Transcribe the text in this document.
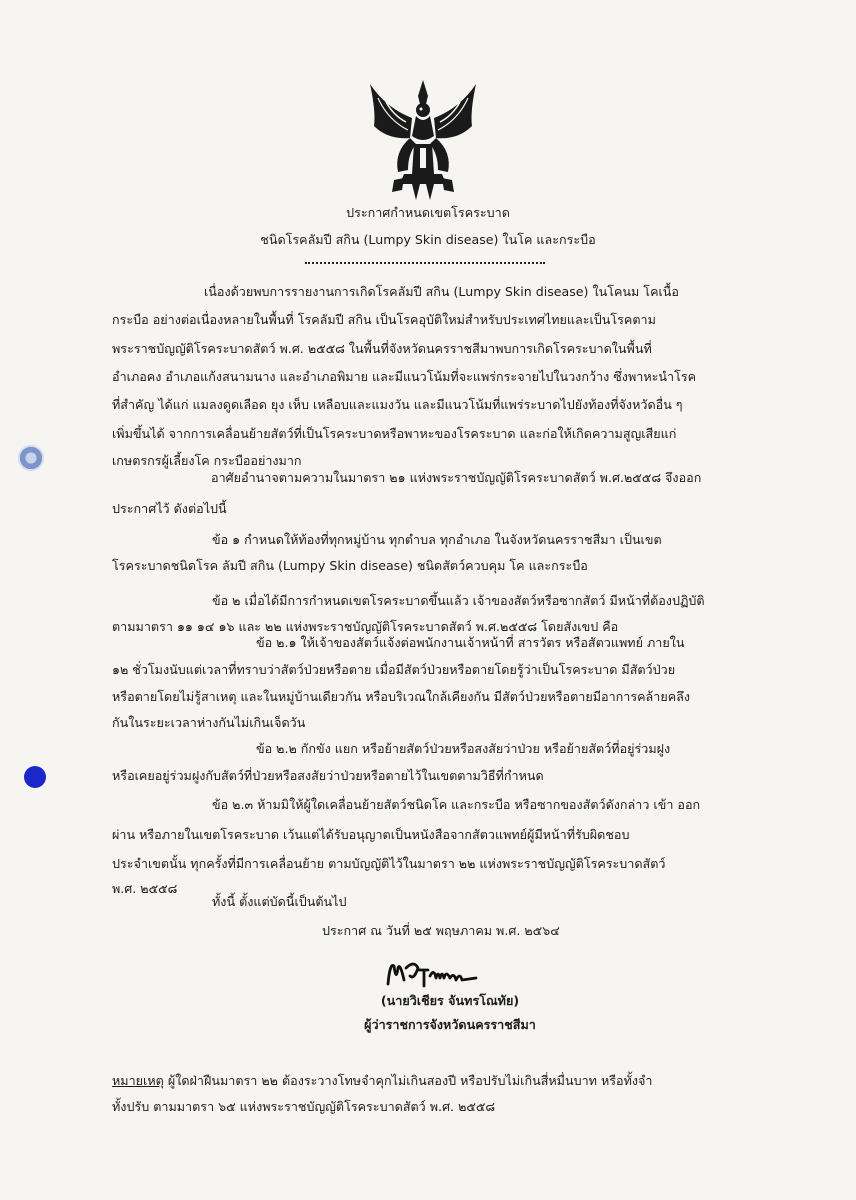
ประกาศกำหนดเขตโรคระบาด
ชนิดโรคลัมปี สกิน (Lumpy Skin disease) ในโค และกระบือ
เนื่องด้วยพบการรายงานการเกิดโรคลัมปี สกิน (Lumpy Skin disease) ในโคนม โคเนื้อ
กระบือ อย่างต่อเนื่องหลายในพื้นที่ โรคลัมปี สกิน เป็นโรคอุบัติใหม่สำหรับประเทศไทยและเป็นโรคตาม
พระราชบัญญัติโรคระบาดสัตว์ พ.ศ. ๒๕๕๘ ในพื้นที่จังหวัดนครราชสีมาพบการเกิดโรคระบาดในพื้นที่
อำเภอคง อำเภอแก้งสนามนาง และอำเภอพิมาย และมีแนวโน้มที่จะแพร่กระจายไปในวงกว้าง ซึ่งพาหะนำโรค
ที่สำคัญ ได้แก่ แมลงดูดเลือด ยุง เห็บ เหลือบและแมงวัน และมีแนวโน้มที่แพร่ระบาดไปยังท้องที่จังหวัดอื่น ๆ
เพิ่มขึ้นได้ จากการเคลื่อนย้ายสัตว์ที่เป็นโรคระบาดหรือพาหะของโรคระบาด และก่อให้เกิดความสูญเสียแก่
เกษตรกรผู้เลี้ยงโค กระบืออย่างมาก
อาศัยอำนาจตามความในมาตรา ๒๑ แห่งพระราชบัญญัติโรคระบาดสัตว์ พ.ศ.๒๕๕๘ จึงออก
ประกาศไว้ ดังต่อไปนี้
ข้อ ๑ กำหนดให้ท้องที่ทุกหมู่บ้าน ทุกตำบล ทุกอำเภอ ในจังหวัดนครราชสีมา เป็นเขต
โรคระบาดชนิดโรค ลัมปี สกิน (Lumpy Skin disease) ชนิดสัตว์ควบคุม โค และกระบือ
ข้อ ๒ เมื่อได้มีการกำหนดเขตโรคระบาดขึ้นแล้ว เจ้าของสัตว์หรือซากสัตว์ มีหน้าที่ต้องปฏิบัติ
ตามมาตรา ๑๑ ๑๔ ๑๖ และ ๒๒ แห่งพระราชบัญญัติโรคระบาดสัตว์ พ.ศ.๒๕๕๘ โดยสังเขป คือ
ข้อ ๒.๑ ให้เจ้าของสัตว์แจ้งต่อพนักงานเจ้าหน้าที่ สารวัตร หรือสัตวแพทย์ ภายใน
๑๒ ชั่วโมงนับแต่เวลาที่ทราบว่าสัตว์ป่วยหรือตาย เมื่อมีสัตว์ป่วยหรือตายโดยรู้ว่าเป็นโรคระบาด มีสัตว์ป่วย
หรือตายโดยไม่รู้สาเหตุ และในหมู่บ้านเดียวกัน หรือบริเวณใกล้เคียงกัน มีสัตว์ป่วยหรือตายมีอาการคล้ายคลึง
กันในระยะเวลาห่างกันไม่เกินเจ็ดวัน
ข้อ ๒.๒ กักขัง แยก หรือย้ายสัตว์ป่วยหรือสงสัยว่าป่วย หรือย้ายสัตว์ที่อยู่ร่วมฝูง
หรือเคยอยู่ร่วมฝูงกับสัตว์ที่ป่วยหรือสงสัยว่าป่วยหรือตายไว้ในเขตตามวิธีที่กำหนด
ข้อ ๒.๓ ห้ามมิให้ผู้ใดเคลื่อนย้ายสัตว์ชนิดโค และกระบือ หรือซากของสัตว์ดังกล่าว เข้า ออก
ผ่าน หรือภายในเขตโรคระบาด เว้นแต่ได้รับอนุญาตเป็นหนังสือจากสัตวแพทย์ผู้มีหน้าที่รับผิดชอบ
ประจำเขตนั้น ทุกครั้งที่มีการเคลื่อนย้าย ตามบัญญัติไว้ในมาตรา ๒๒ แห่งพระราชบัญญัติโรคระบาดสัตว์
พ.ศ. ๒๕๕๘
ทั้งนี้ ตั้งแต่บัดนี้เป็นต้นไป
ประกาศ ณ วันที่ ๒๕ พฤษภาคม พ.ศ. ๒๕๖๔
(นายวิเชียร จันทรโณทัย)
ผู้ว่าราชการจังหวัดนครราชสีมา
หมายเหตุ ผู้ใดฝ่าฝืนมาตรา ๒๒ ต้องระวางโทษจำคุกไม่เกินสองปี หรือปรับไม่เกินสี่หมื่นบาท หรือทั้งจำ
ทั้งปรับ ตามมาตรา ๖๕ แห่งพระราชบัญญัติโรคระบาดสัตว์ พ.ศ. ๒๕๕๘
